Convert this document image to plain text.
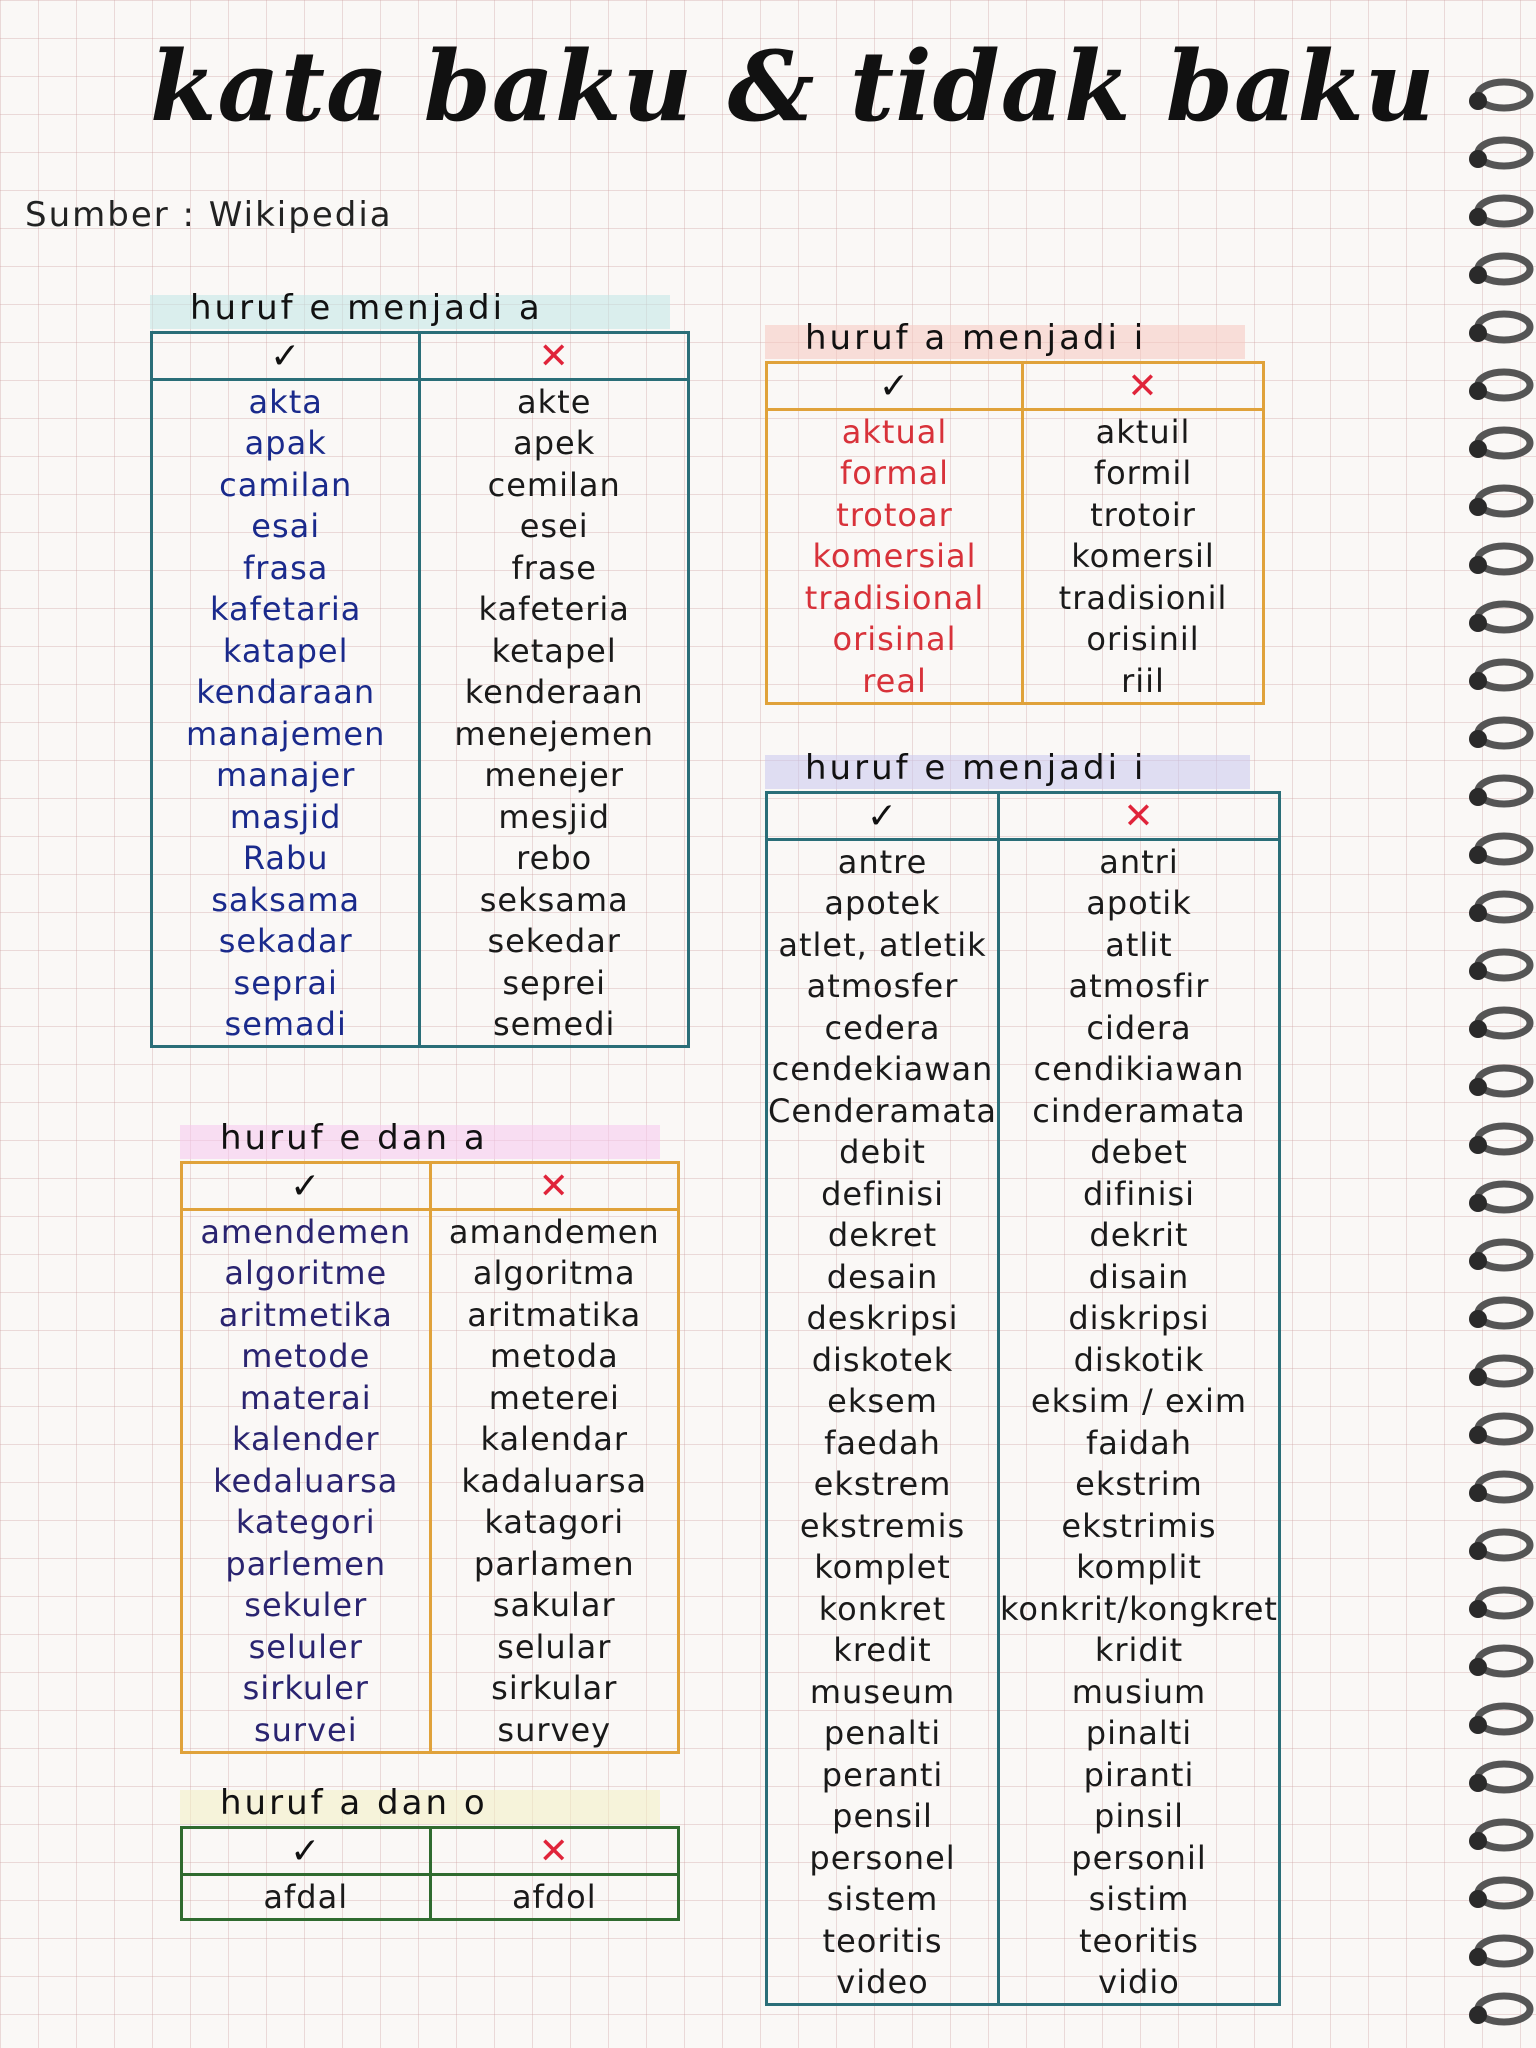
kata baku & tidak baku
Sumber : Wikipedia
huruf e menjadi a
✓	✕
akta	akte
apak	apek
camilan	cemilan
esai	esei
frasa	frase
kafetaria	kafeteria
katapel	ketapel
kendaraan	kenderaan
manajemen	menejemen
manajer	menejer
masjid	mesjid
Rabu	rebo
saksama	seksama
sekadar	sekedar
seprai	seprei
semadi	semedi
huruf a menjadi i
✓	✕
aktual	aktuil
formal	formil
trotoar	trotoir
komersial	komersil
tradisional	tradisionil
orisinal	orisinil
real	riil
huruf e menjadi i
✓	✕
antre	antri
apotek	apotik
atlet, atletik	atlit
atmosfer	atmosfir
cedera	cidera
cendekiawan	cendikiawan
Cenderamata	cinderamata
debit	debet
definisi	difinisi
dekret	dekrit
desain	disain
deskripsi	diskripsi
diskotek	diskotik
eksem	eksim / exim
faedah	faidah
ekstrem	ekstrim
ekstremis	ekstrimis
komplet	komplit
konkret	konkrit/kongkret
kredit	kridit
museum	musium
penalti	pinalti
peranti	piranti
pensil	pinsil
personel	personil
sistem	sistim
teoritis	teoritis
video	vidio
huruf e dan a
✓	✕
amendemen	amandemen
algoritme	algoritma
aritmetika	aritmatika
metode	metoda
materai	meterei
kalender	kalendar
kedaluarsa	kadaluarsa
kategori	katagori
parlemen	parlamen
sekuler	sakular
seluler	selular
sirkuler	sirkular
survei	survey
huruf a dan o
✓	✕
afdal	afdol
